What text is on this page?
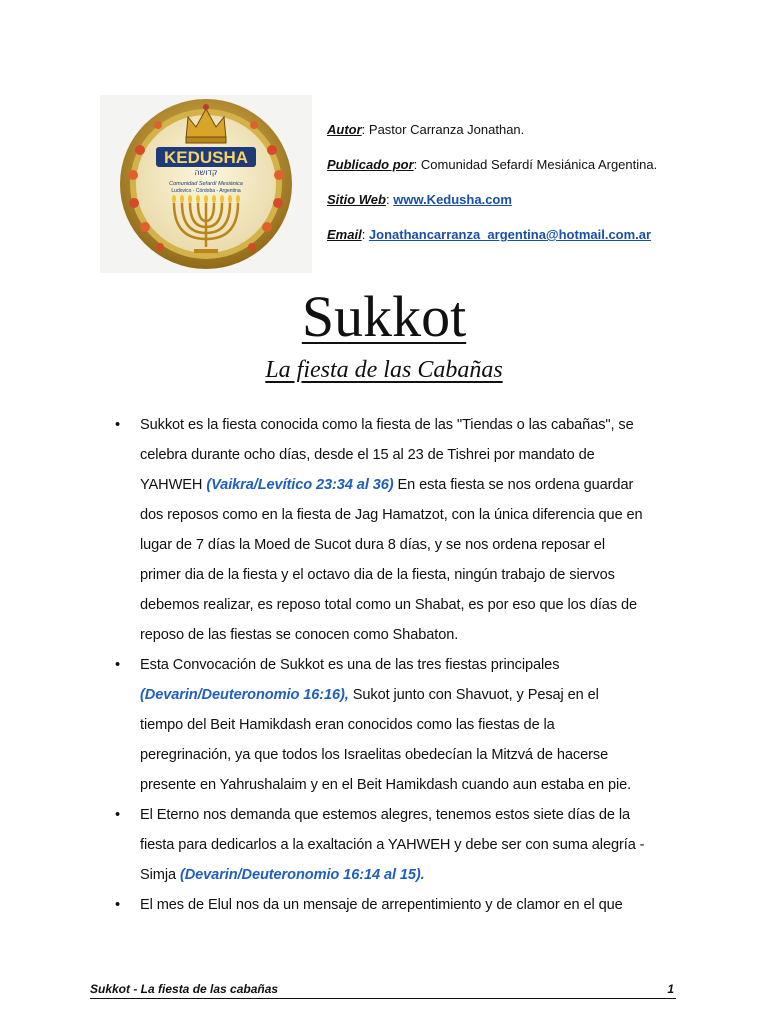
KEDUSHA
קדושה
Comunidad Sefardí Mesiánica
Ludovico - Córdoba - Argentina
Autor: Pastor Carranza Jonathan.
Publicado por: Comunidad Sefardí Mesiánica Argentina.
Sitio Web: www.Kedusha.com
Email: Jonathancarranza_argentina@hotmail.com.ar
Sukkot
La fiesta de las Cabañas
• Sukkot es la fiesta conocida como la fiesta de las "Tiendas o las cabañas", se
celebra durante ocho días, desde el 15 al 23 de Tishrei por mandato de
YAHWEH (Vaikra/Levítico 23:34 al 36) En esta fiesta se nos ordena guardar
dos reposos como en la fiesta de Jag Hamatzot, con la única diferencia que en
lugar de 7 días la Moed de Sucot dura 8 días, y se nos ordena reposar el
primer dia de la fiesta y el octavo dia de la fiesta, ningún trabajo de siervos
debemos realizar, es reposo total como un Shabat, es por eso que los días de
reposo de las fiestas se conocen como Shabaton.
• Esta Convocación de Sukkot es una de las tres fiestas principales
(Devarin/Deuteronomio 16:16), Sukot junto con Shavuot, y Pesaj en el
tiempo del Beit Hamikdash eran conocidos como las fiestas de la
peregrinación, ya que todos los Israelitas obedecían la Mitzvá de hacerse
presente en Yahrushalaim y en el Beit Hamikdash cuando aun estaba en pie.
• El Eterno nos demanda que estemos alegres, tenemos estos siete días de la
fiesta para dedicarlos a la exaltación a YAHWEH y debe ser con suma alegría -
Simja (Devarin/Deuteronomio 16:14 al 15).
• El mes de Elul nos da un mensaje de arrepentimiento y de clamor en el que
Sukkot - La fiesta de las cabañas	1
